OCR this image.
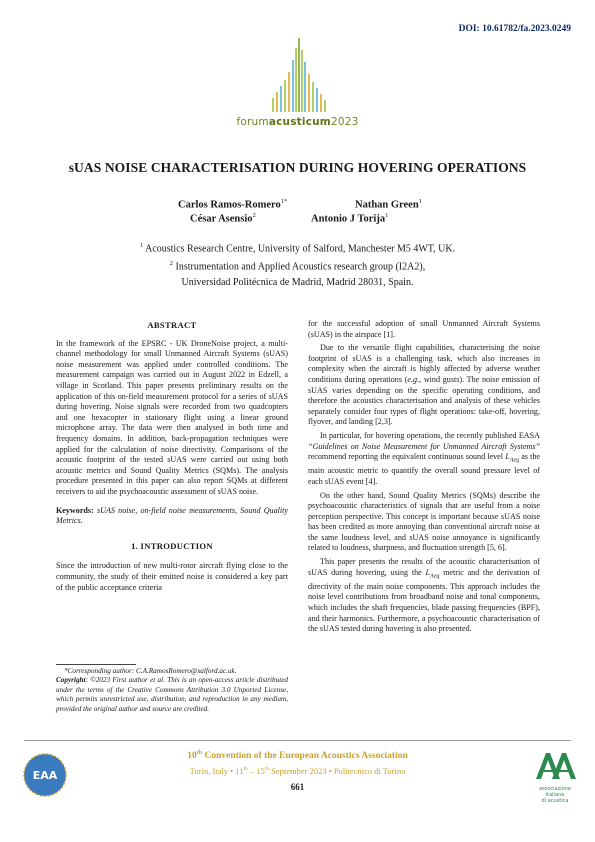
DOI: 10.61782/fa.2023.0249
forumacusticum2023
sUAS NOISE CHARACTERISATION DURING HOVERING OPERATIONS
Carlos Ramos-Romero$^{1*}$	Nathan Green$^1$
César Asensio$^2$	Antonio J Torija$^1$
$^1$ Acoustics Research Centre, University of Salford, Manchester M5 4WT, UK.
$^2$ Instrumentation and Applied Acoustics research group (I2A2),
Universidad Politécnica de Madrid, Madrid 28031, Spain.
ABSTRACT

In the framework of the EPSRC - UK DroneNoise project, a multi-channel methodology for small Unmanned Aircraft Systems (sUAS) noise measurement was applied under controlled conditions. The measurement campaign was carried out in August 2022 in Edzell, a village in Scotland. This paper presents preliminary results on the application of this on-field measurement protocol for a series of sUAS during hovering. Noise signals were recorded from two quadcopters and one hexacopter in stationary flight using a linear ground microphone array. The data were then analysed in both time and frequency domains. In addition, back-propagation techniques were applied for the calculation of noise directivity. Comparisons of the acoustic footprint of the tested sUAS were carried out using both acoustic metrics and Sound Quality Metrics (SQMs). The analysis procedure presented in this paper can also report SQMs at different receivers to aid the psychoacoustic assessment of sUAS noise.

Keywords: sUAS noise, on-field noise measurements, Sound Quality Metrics.

1. INTRODUCTION

Since the introduction of new multi-rotor aircraft flying close to the community, the study of their emitted noise is considered a key part of the public acceptance criteria

*Corresponding author: C.A.RamosRomero@salford.ac.uk.
Copyright: ©2023 First author et al. This is an open-access article distributed under the terms of the Creative Commons Attribution 3.0 Unported License, which permits unrestricted use, distribution, and reproduction in any medium, provided the original author and source are credited.

for the successful adoption of small Unmanned Aircraft Systems (sUAS) in the airspace [1].

Due to the versatile flight capabilities, characterising the noise footprint of sUAS is a challenging task, which also increases in complexity when the aircraft is highly affected by adverse weather conditions during operations (e.g., wind gusts). The noise emission of sUAS varies depending on the specific operating conditions, and therefore the acoustics characterisation and analysis of these vehicles separately consider four types of flight operations: take-off, hovering, flyover, and landing [2,3].

In particular, for hovering operations, the recently published EASA “Guidelines on Noise Measurement for Unmanned Aircraft Systems” recommend reporting the equivalent continuous sound level $L_{Aeq}$ as the main acoustic metric to quantify the overall sound pressure level of each sUAS event [4].

On the other hand, Sound Quality Metrics (SQMs) describe the psychoacoustic characteristics of signals that are useful from a noise perception perspective. This concept is important because sUAS noise has been credited as more annoying than conventional aircraft noise at the same loudness level, and sUAS noise annoyance is significantly related to loudness, sharpness, and fluctuation strength [5, 6].

This paper presents the results of the acoustic characterisation of sUAS during hovering, using the $L_{Aeq}$ metric and the derivation of directivity of the main noise components. This approach includes the noise level contributions from broadband noise and tonal components, which includes the shaft frequencies, blade passing frequencies (BPF), and their harmonics. Furthermore, a psychoacoustic characterisation of the sUAS tested during hovering is also presented.

EAA
10th Convention of the European Acoustics Association
Turin, Italy • 11th – 15th September 2023 • Politecnico di Torino
661	associazione
italiana
di acustica
